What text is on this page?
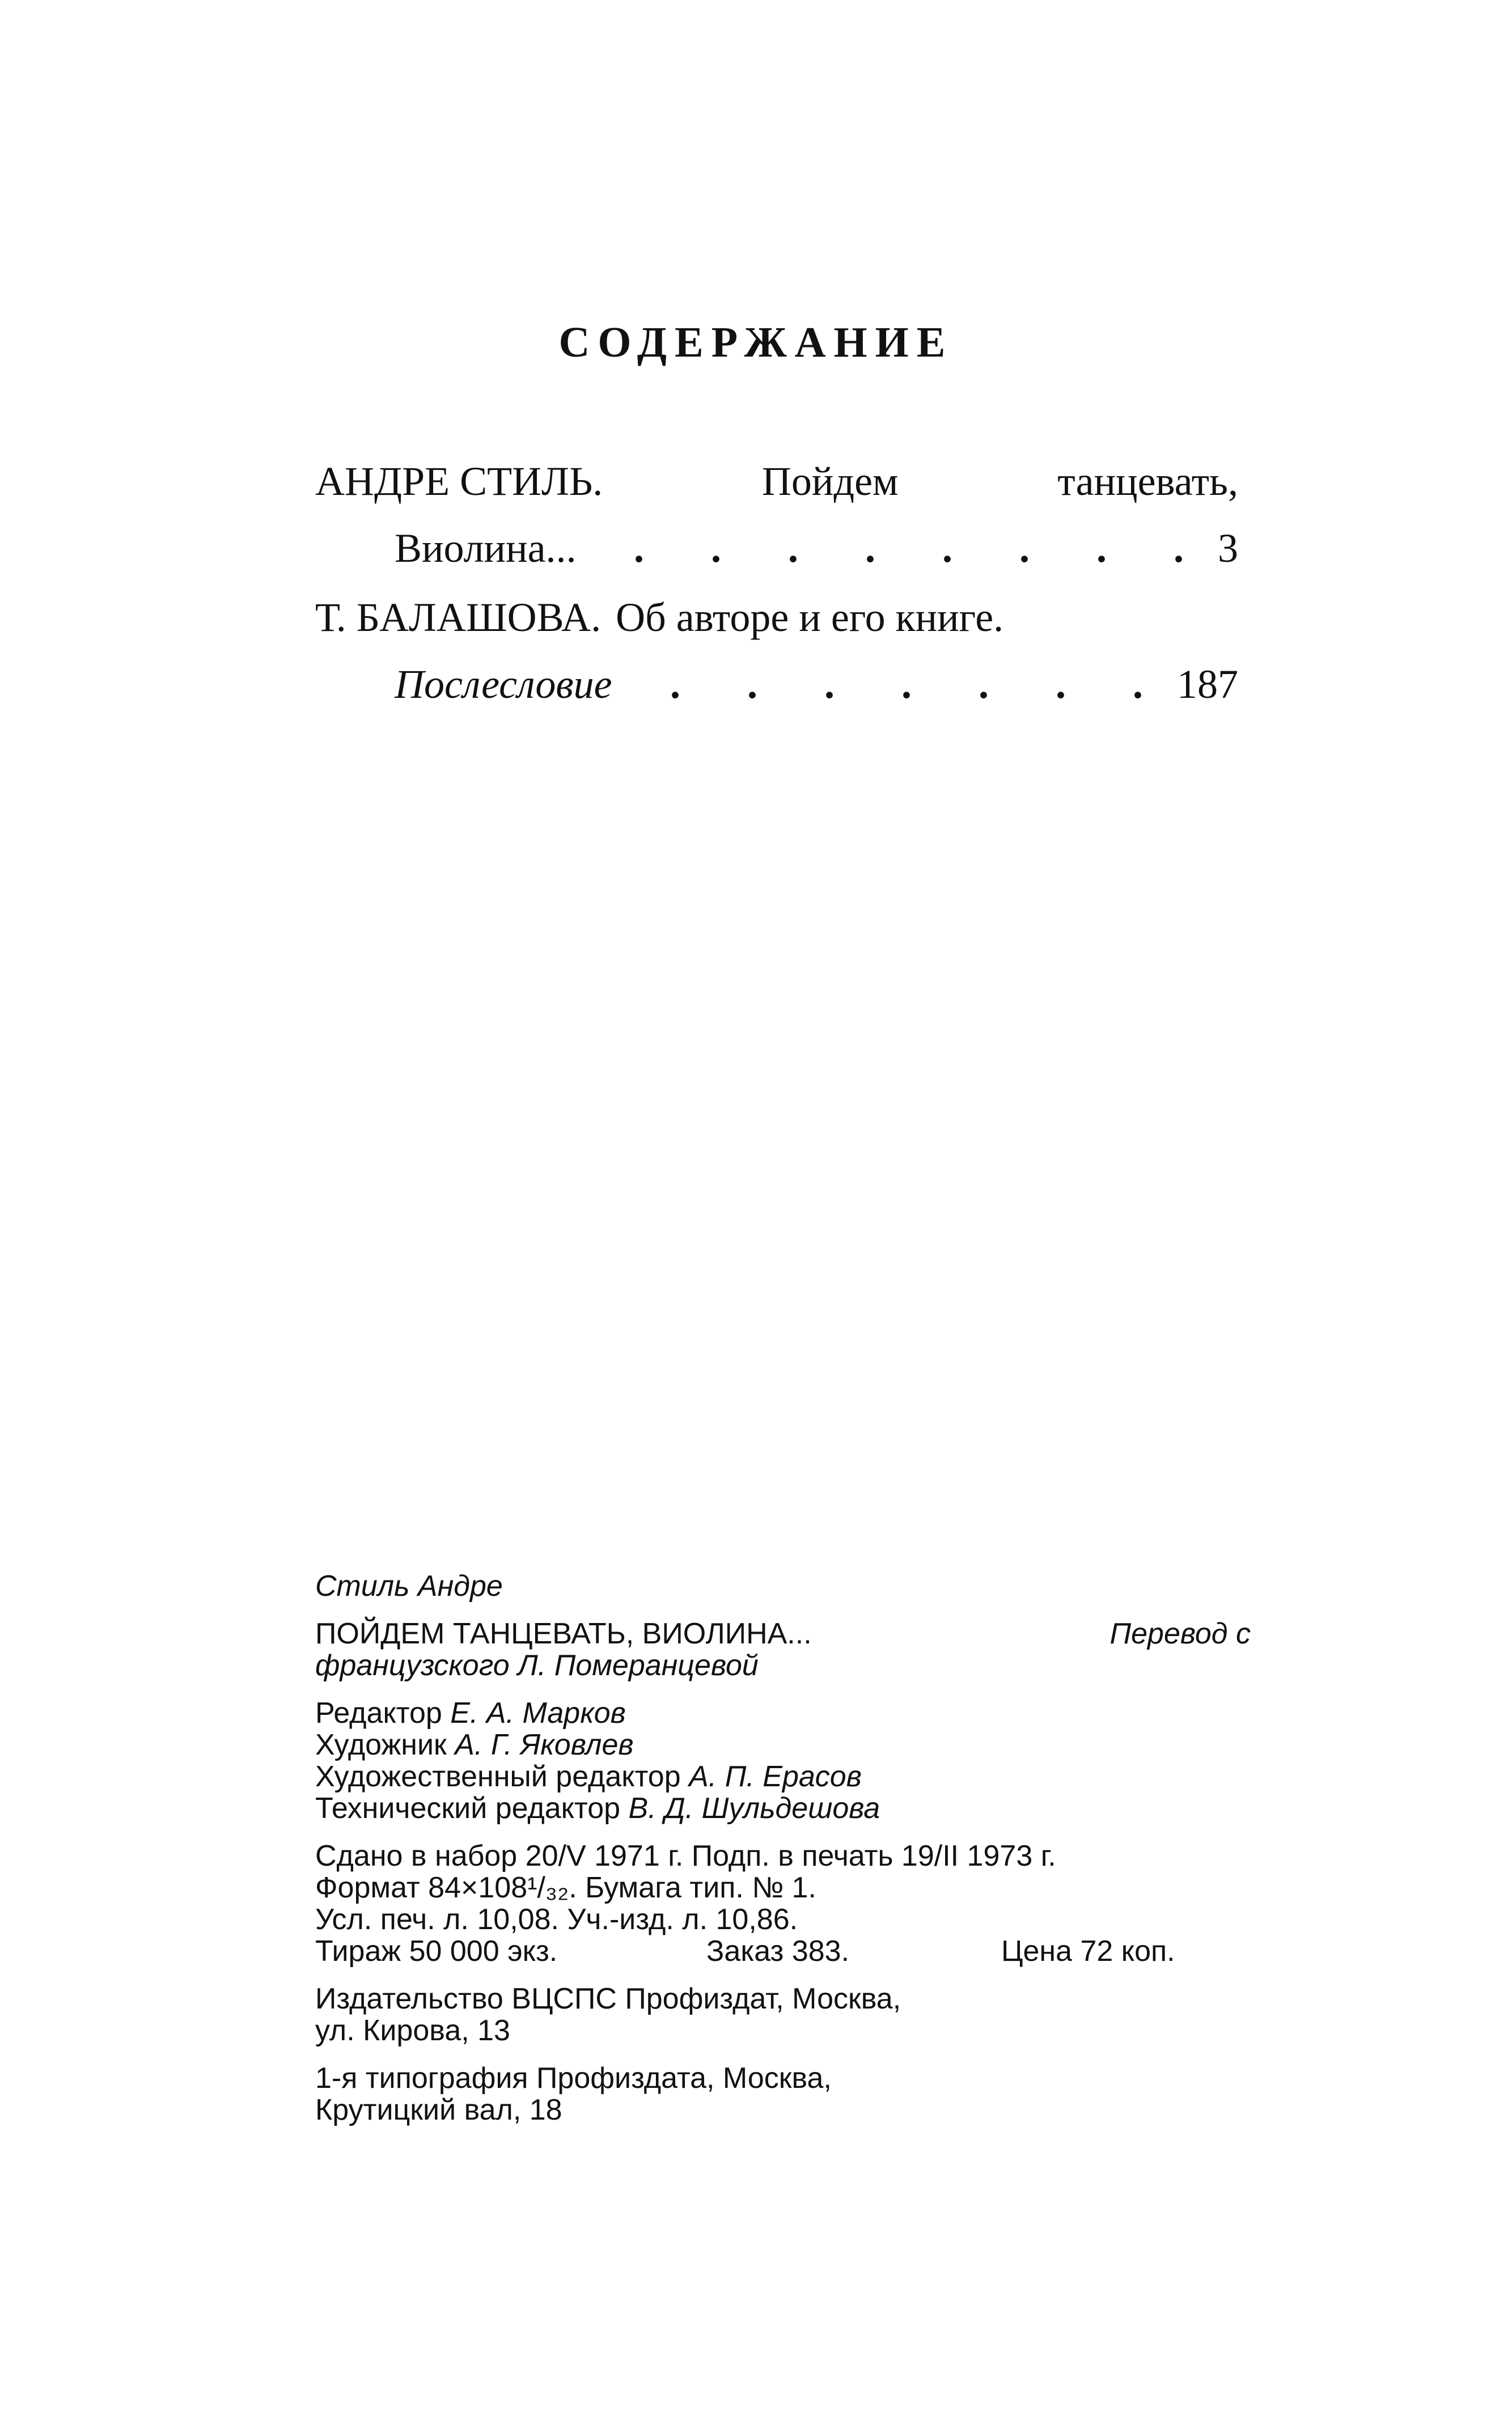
СОДЕРЖАНИЕ
АНДРЕ СТИЛЬ.	Пойдем	танцевать,
Виолина...	. . . . . . . . 3
Т. БАЛАШОВА. Об авторе и его книге.
Послесловие	. . . . . . . 187

Стиль Андре

ПОЙДЕМ ТАНЦЕВАТЬ, ВИОЛИНА...	Перевод с

французского Л. Померанцевой

Редактор Е. А. Марков

Художник А. Г. Яковлев

Художественный редактор А. П. Ерасов

Технический редактор В. Д. Шульдешова

Сдано в набор 20/V 1971 г. Подп. в печать 19/II 1973 г.

Формат 84×108¹/₃₂. Бумага тип. № 1.

Усл. печ. л. 10,08. Уч.-изд. л. 10,86.

Тираж 50 000 экз.	Заказ 383.	Цена 72 коп.

Издательство ВЦСПС Профиздат, Москва,

ул. Кирова, 13

1-я типография Профиздата, Москва,

Крутицкий вал, 18
